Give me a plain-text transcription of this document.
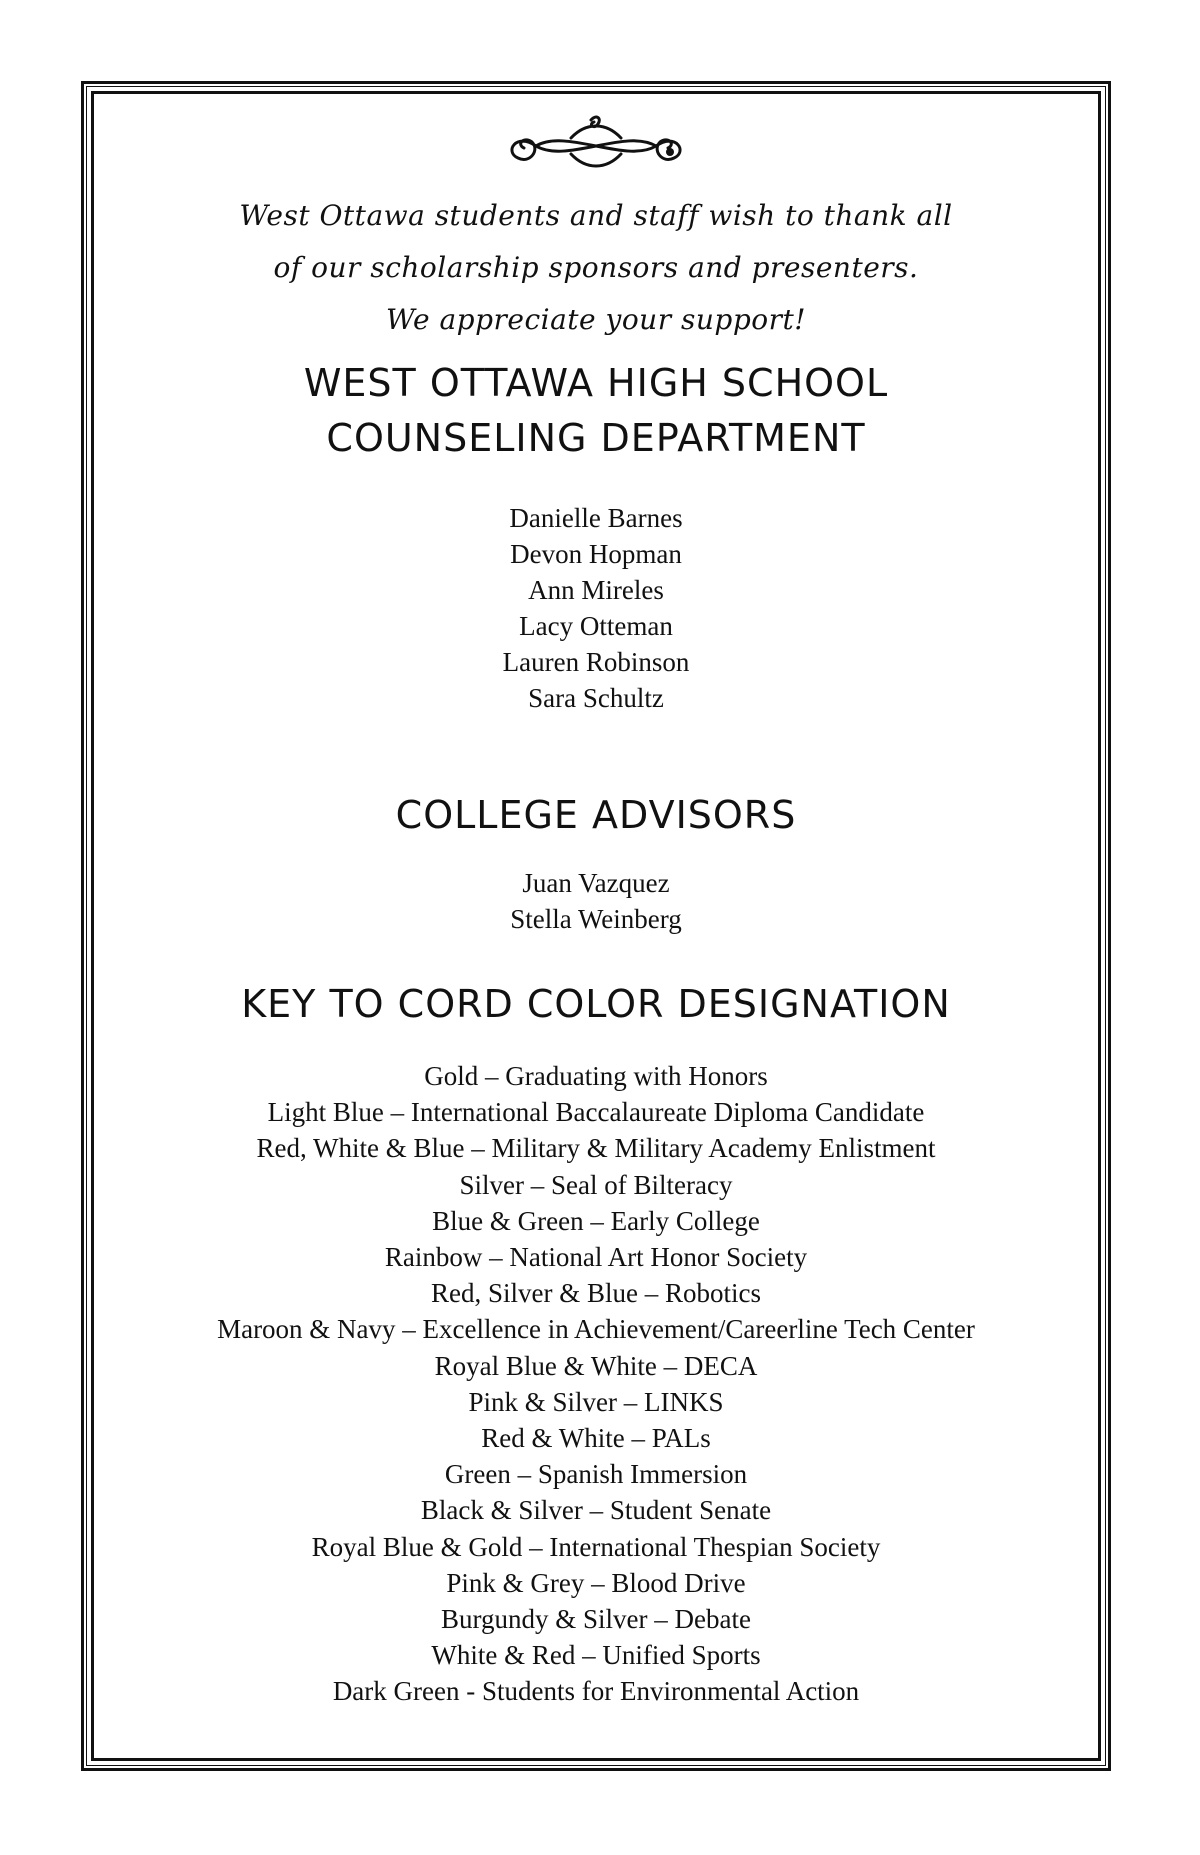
West Ottawa students and staff wish to thank all
of our scholarship sponsors and presenters.
We appreciate your support!
WEST OTTAWA HIGH SCHOOL
COUNSELING DEPARTMENT
Danielle Barnes
Devon Hopman
Ann Mireles
Lacy Otteman
Lauren Robinson
Sara Schultz
COLLEGE ADVISORS
Juan Vazquez
Stella Weinberg
KEY TO CORD COLOR DESIGNATION
Gold – Graduating with Honors
Light Blue – International Baccalaureate Diploma Candidate
Red, White & Blue – Military & Military Academy Enlistment
Silver – Seal of Bilteracy
Blue & Green – Early College
Rainbow – National Art Honor Society
Red, Silver & Blue – Robotics
Maroon & Navy – Excellence in Achievement/Careerline Tech Center
Royal Blue & White – DECA
Pink & Silver – LINKS
Red & White – PALs
Green – Spanish Immersion
Black & Silver – Student Senate
Royal Blue & Gold – International Thespian Society
Pink & Grey – Blood Drive
Burgundy & Silver – Debate
White & Red – Unified Sports
Dark Green - Students for Environmental Action
